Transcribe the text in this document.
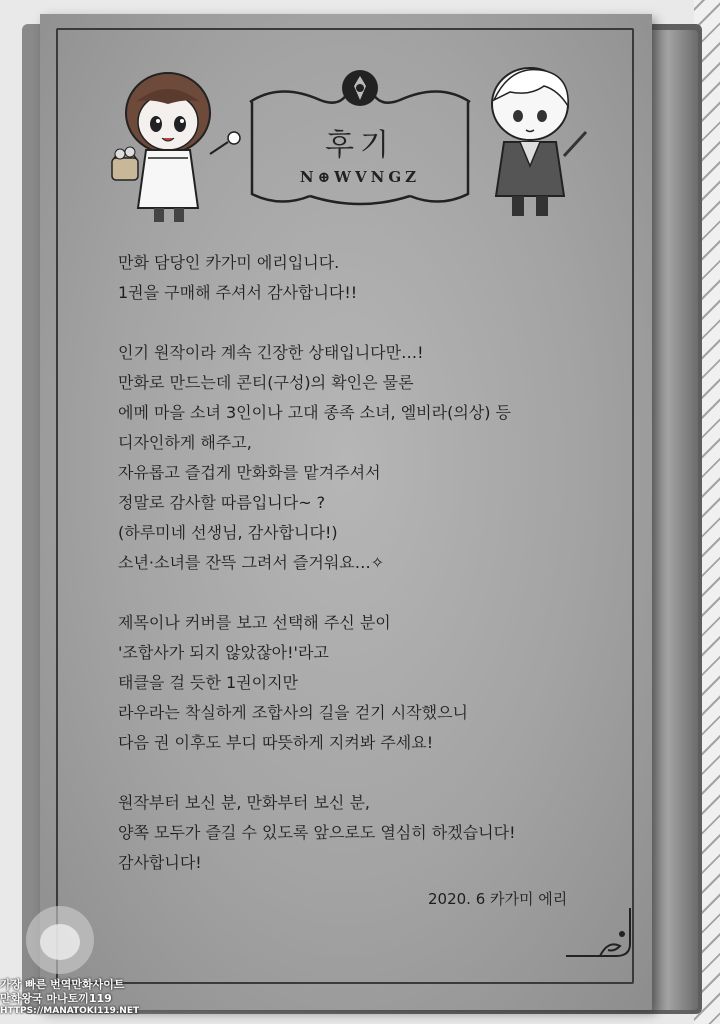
후기
N⊕WVNGZ
만화 담당인 카가미 에리입니다.
1권을 구매해 주셔서 감사합니다!!
인기 원작이라 계속 긴장한 상태입니다만…!
만화로 만드는데 콘티(구성)의 확인은 물론
에메 마을 소녀 3인이나 고대 종족 소녀, 엘비라(의상) 등
디자인하게 해주고,
자유롭고 즐겁게 만화화를 맡겨주셔서
정말로 감사할 따름입니다~ ?
(하루미네 선생님, 감사합니다!)
소년·소녀를 잔뜩 그려서 즐거워요…✧
제목이나 커버를 보고 선택해 주신 분이
'조합사가 되지 않았잖아!'라고
태클을 걸 듯한 1권이지만
라우라는 착실하게 조합사의 길을 걷기 시작했으니
다음 권 이후도 부디 따뜻하게 지켜봐 주세요!
원작부터 보신 분, 만화부터 보신 분,
양쪽 모두가 즐길 수 있도록 앞으로도 열심히 하겠습니다!
감사합니다!
2020. 6 카가미 에리
가장 빠른 번역만화사이트
만화왕국 마나토끼119
HTTPS://MANATOKI119.NET
